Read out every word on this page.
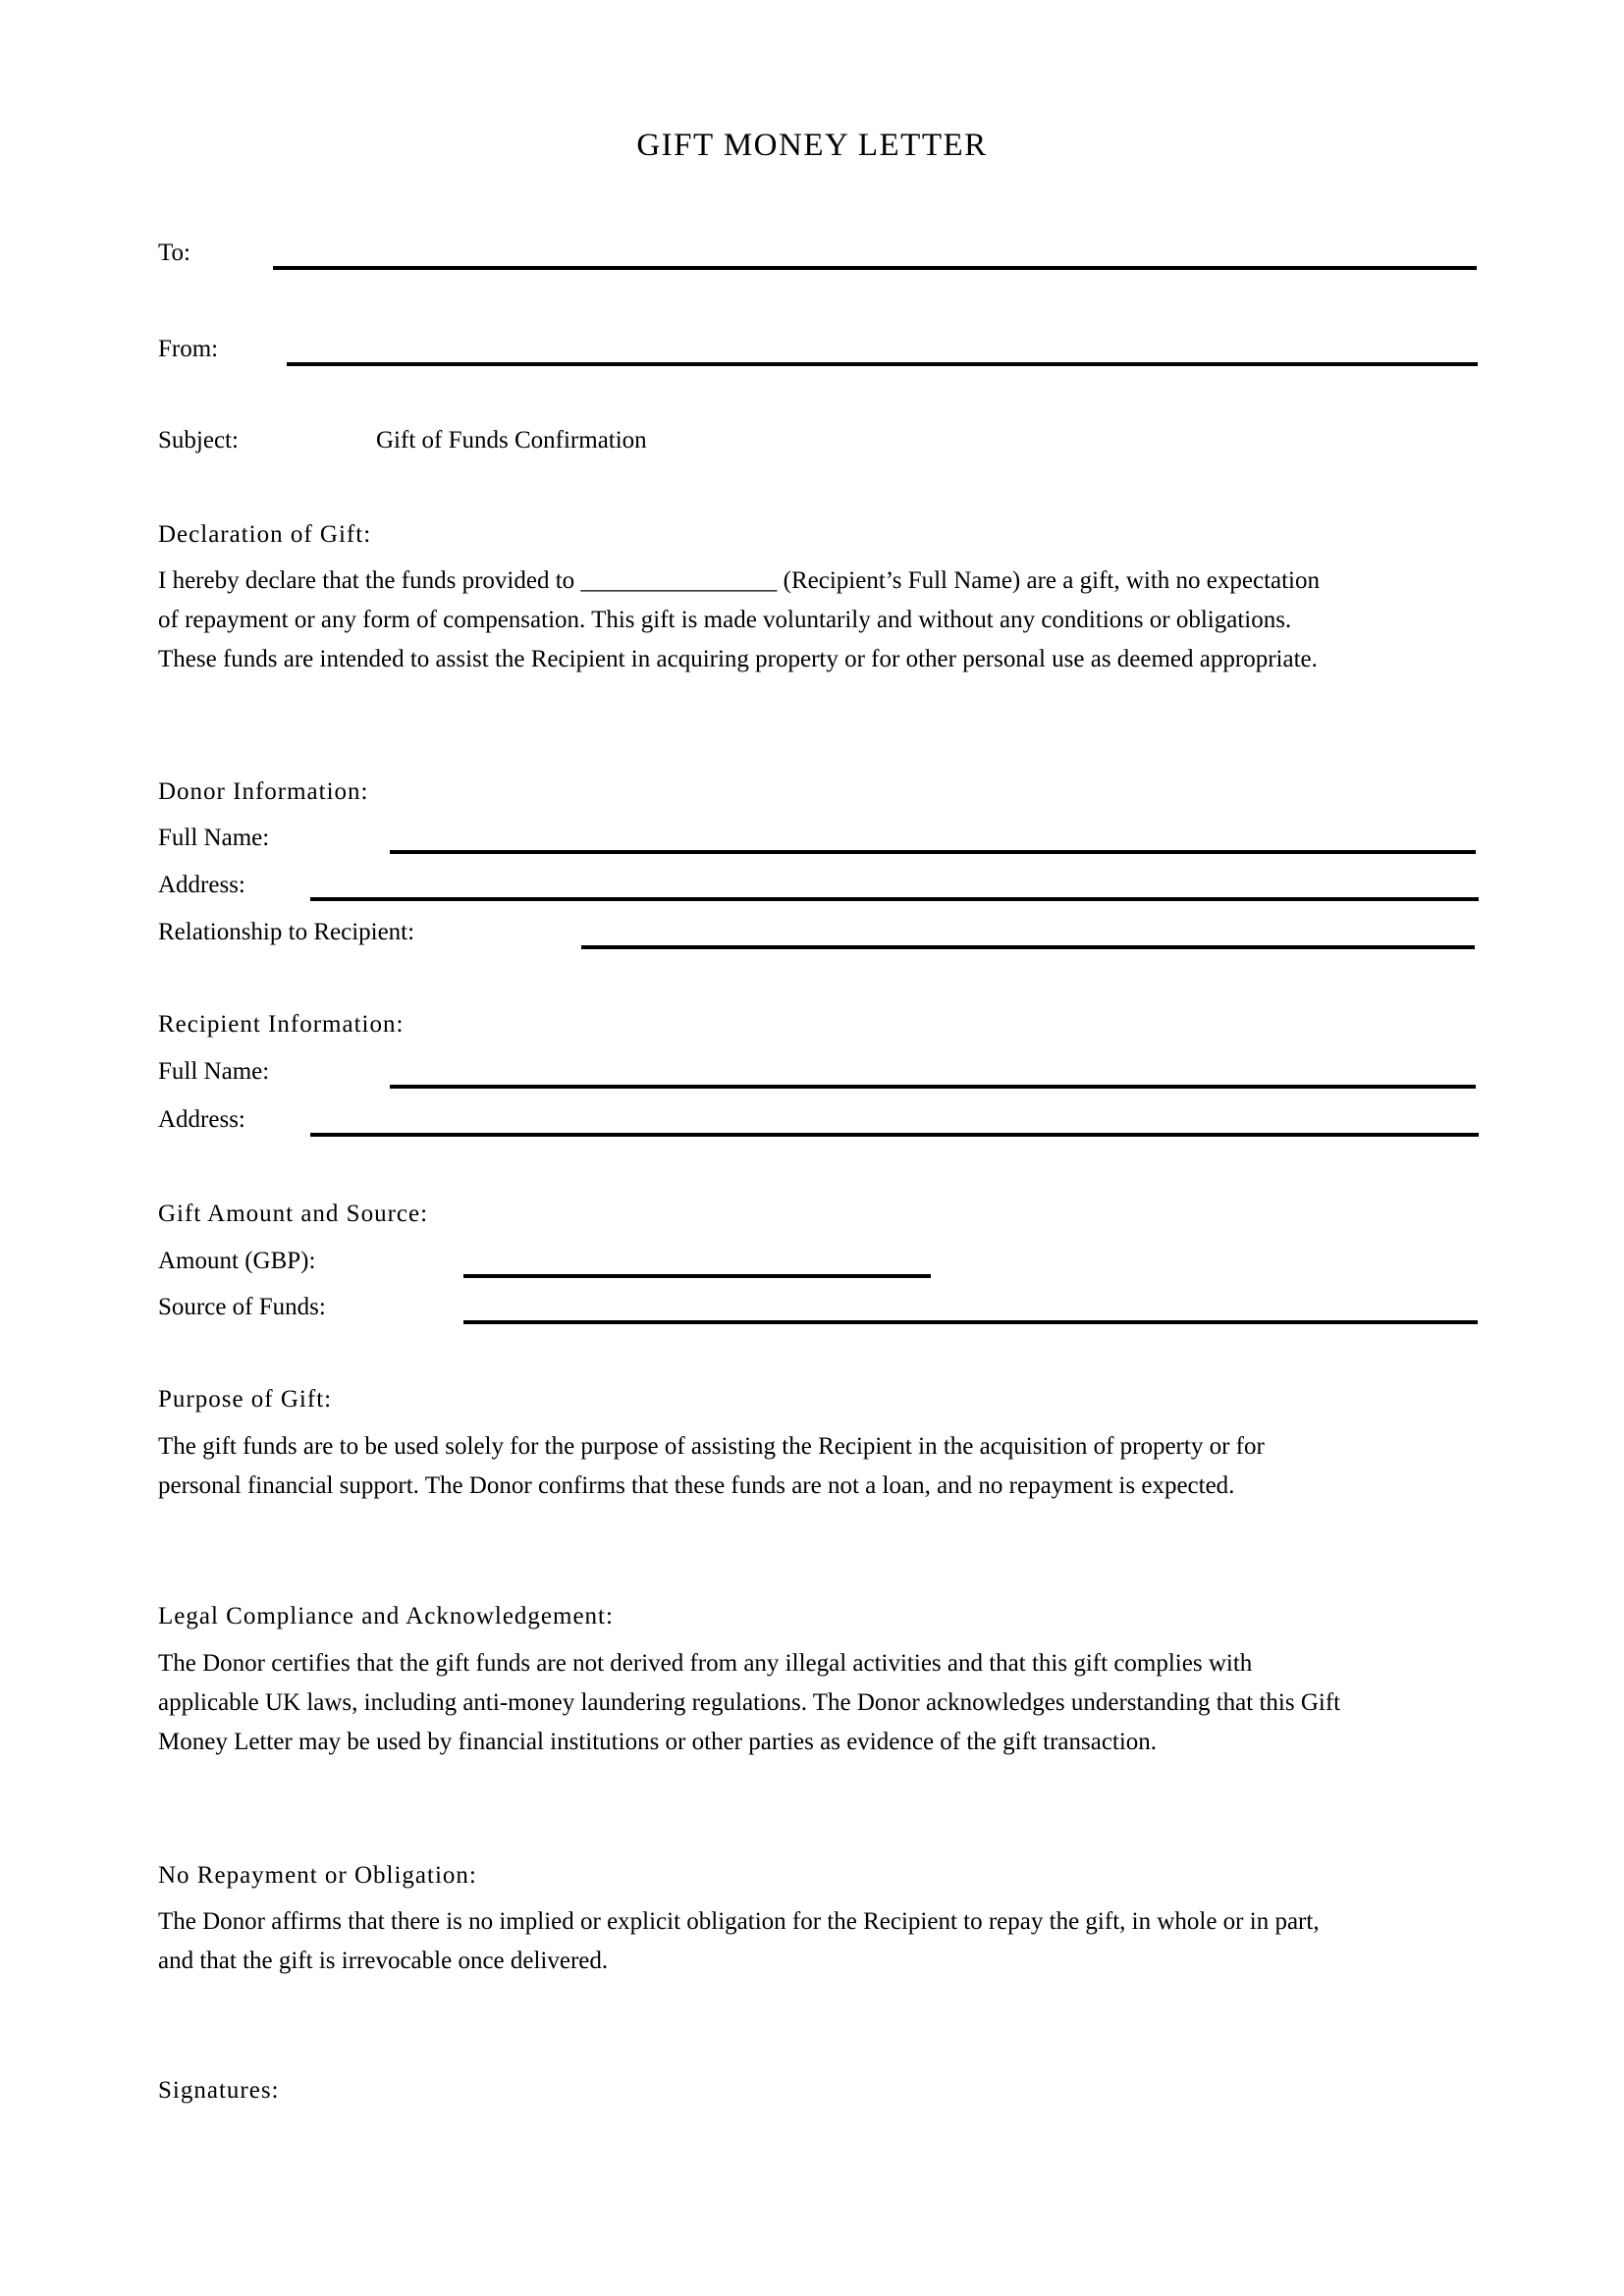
GIFT MONEY LETTER
To:
From:
Subject:	Gift of Funds Confirmation
Declaration of Gift:
I hereby declare that the funds provided to ________________ (Recipient’s Full Name) are a gift, with no expectation
of repayment or any form of compensation. This gift is made voluntarily and without any conditions or obligations.
These funds are intended to assist the Recipient in acquiring property or for other personal use as deemed appropriate.
Donor Information:
Full Name:
Address:
Relationship to Recipient:
Recipient Information:
Full Name:
Address:
Gift Amount and Source:
Amount (GBP):
Source of Funds:
Purpose of Gift:
The gift funds are to be used solely for the purpose of assisting the Recipient in the acquisition of property or for
personal financial support. The Donor confirms that these funds are not a loan, and no repayment is expected.
Legal Compliance and Acknowledgement:
The Donor certifies that the gift funds are not derived from any illegal activities and that this gift complies with
applicable UK laws, including anti-money laundering regulations. The Donor acknowledges understanding that this Gift
Money Letter may be used by financial institutions or other parties as evidence of the gift transaction.
No Repayment or Obligation:
The Donor affirms that there is no implied or explicit obligation for the Recipient to repay the gift, in whole or in part,
and that the gift is irrevocable once delivered.
Signatures:
